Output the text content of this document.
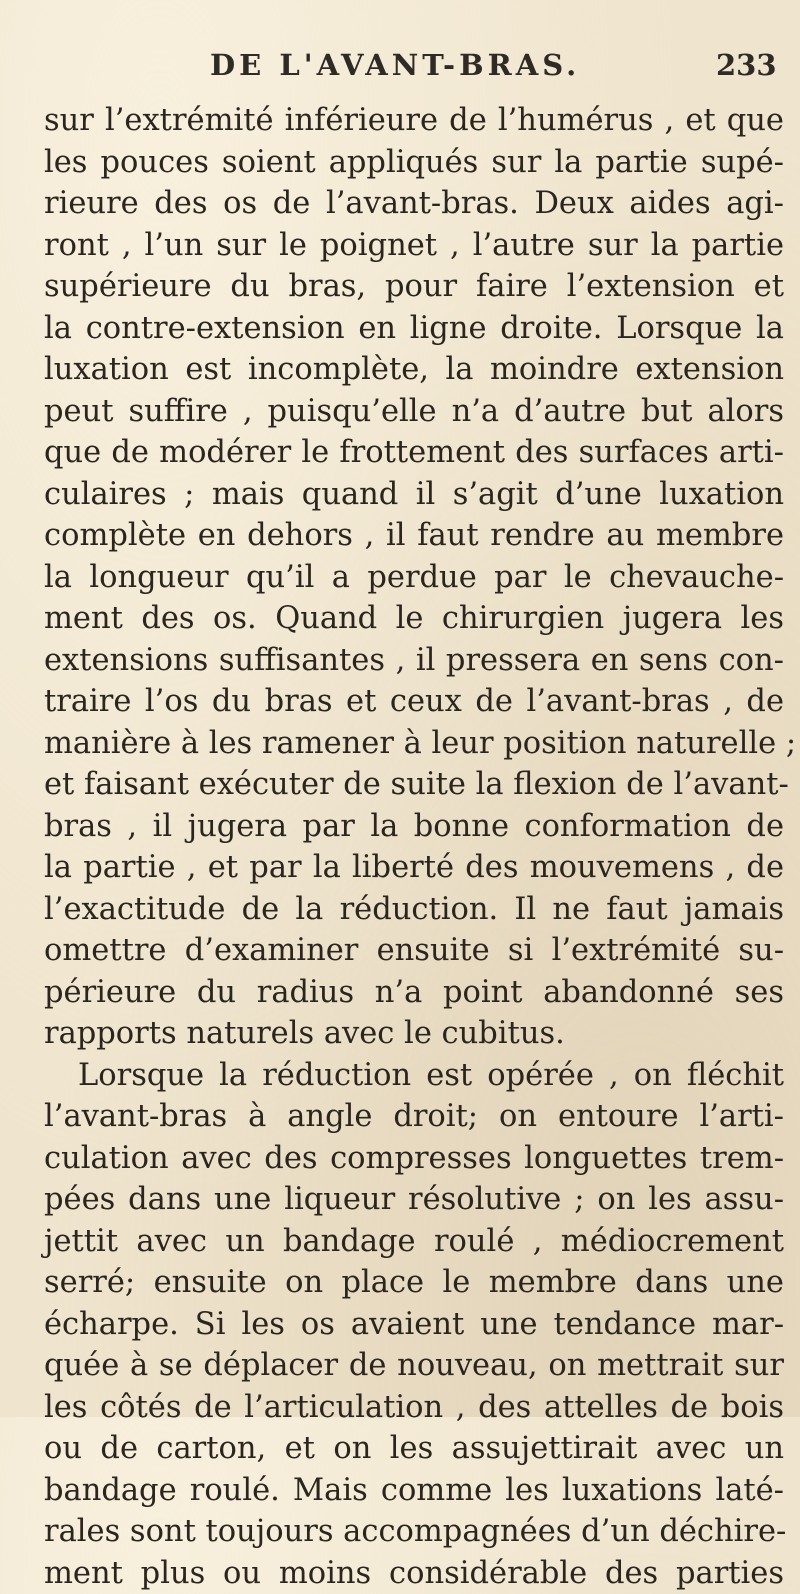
DE L'AVANT-BRAS.	233
sur l’extrémité inférieure de l’humérus , et que
les pouces soient appliqués sur la partie supé-
rieure des os de l’avant-bras. Deux aides agi-
ront , l’un sur le poignet , l’autre sur la partie
supérieure du bras, pour faire l’extension et
la contre-extension en ligne droite. Lorsque la
luxation est incomplète, la moindre extension
peut suffire , puisqu’elle n’a d’autre but alors
que de modérer le frottement des surfaces arti-
culaires ; mais quand il s’agit d’une luxation
complète en dehors , il faut rendre au membre
la longueur qu’il a perdue par le chevauche-
ment des os. Quand le chirurgien jugera les
extensions suffisantes , il pressera en sens con-
traire l’os du bras et ceux de l’avant-bras , de
manière à les ramener à leur position naturelle ;
et faisant exécuter de suite la flexion de l’avant-
bras , il jugera par la bonne conformation de
la partie , et par la liberté des mouvemens , de
l’exactitude de la réduction. Il ne faut jamais
omettre d’examiner ensuite si l’extrémité su-
périeure du radius n’a point abandonné ses
rapports naturels avec le cubitus.
Lorsque la réduction est opérée , on fléchit
l’avant-bras à angle droit; on entoure l’arti-
culation avec des compresses longuettes trem-
pées dans une liqueur résolutive ; on les assu-
jettit avec un bandage roulé , médiocrement
serré; ensuite on place le membre dans une
écharpe. Si les os avaient une tendance mar-
quée à se déplacer de nouveau, on mettrait sur
les côtés de l’articulation , des attelles de bois
ou de carton, et on les assujettirait avec un
bandage roulé. Mais comme les luxations laté-
rales sont toujours accompagnées d’un déchire-
ment plus ou moins considérable des parties
